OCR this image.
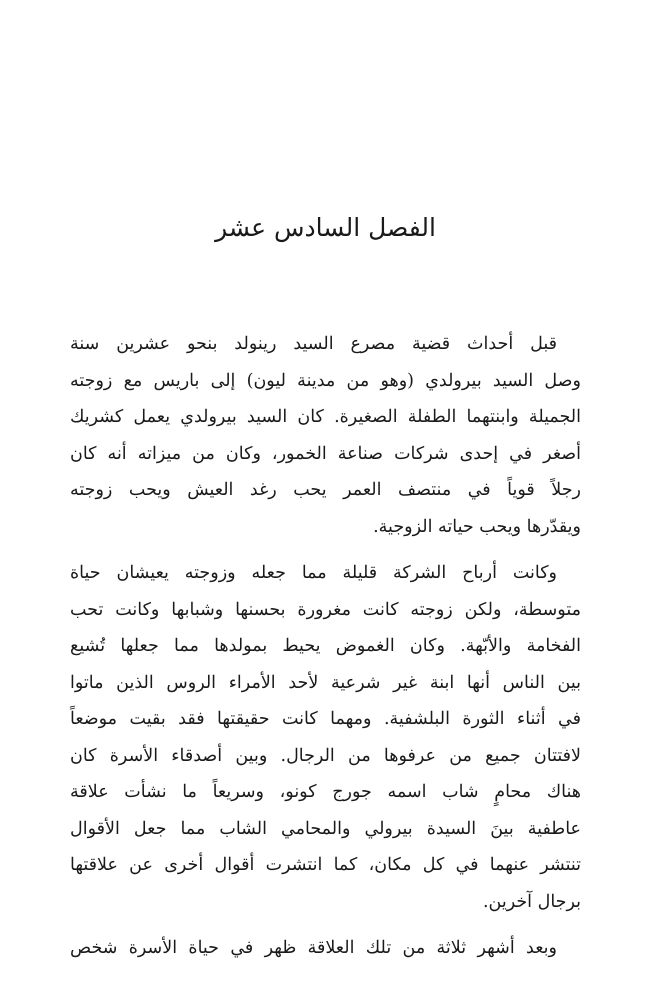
الفصل السادس عشر

قبل أحداث قضية مصرع السيد رينولد بنحو عشرين سنة
وصل السيد بيرولدي (وهو من مدينة ليون) إلى باريس مع زوجته
الجميلة وابنتهما الطفلة الصغيرة. كان السيد بيرولدي يعمل كشريك
أصغر في إحدى شركات صناعة الخمور، وكان من ميزاته أنه كان
رجلاً قوياً في منتصف العمر يحب رغد العيش ويحب زوجته
ويقدّرها ويحب حياته الزوجية.

وكانت أرباح الشركة قليلة مما جعله وزوجته يعيشان حياة
متوسطة، ولكن زوجته كانت مغرورة بحسنها وشبابها وكانت تحب
الفخامة والأبّهة. وكان الغموض يحيط بمولدها مما جعلها تُشيع
بين الناس أنها ابنة غير شرعية لأحد الأمراء الروس الذين ماتوا
في أثناء الثورة البلشفية. ومهما كانت حقيقتها فقد بقيت موضعاً
لافتتان جميع من عرفوها من الرجال. وبين أصدقاء الأسرة كان
هناك محامٍ شاب اسمه جورج كونو، وسريعاً ما نشأت علاقة
عاطفية بينَ السيدة بيرولي والمحامي الشاب مما جعل الأقوال
تنتشر عنهما في كل مكان، كما انتشرت أقوال أخرى عن علاقتها
برجال آخرين.

وبعد أشهر ثلاثة من تلك العلاقة ظهر في حياة الأسرة شخص
